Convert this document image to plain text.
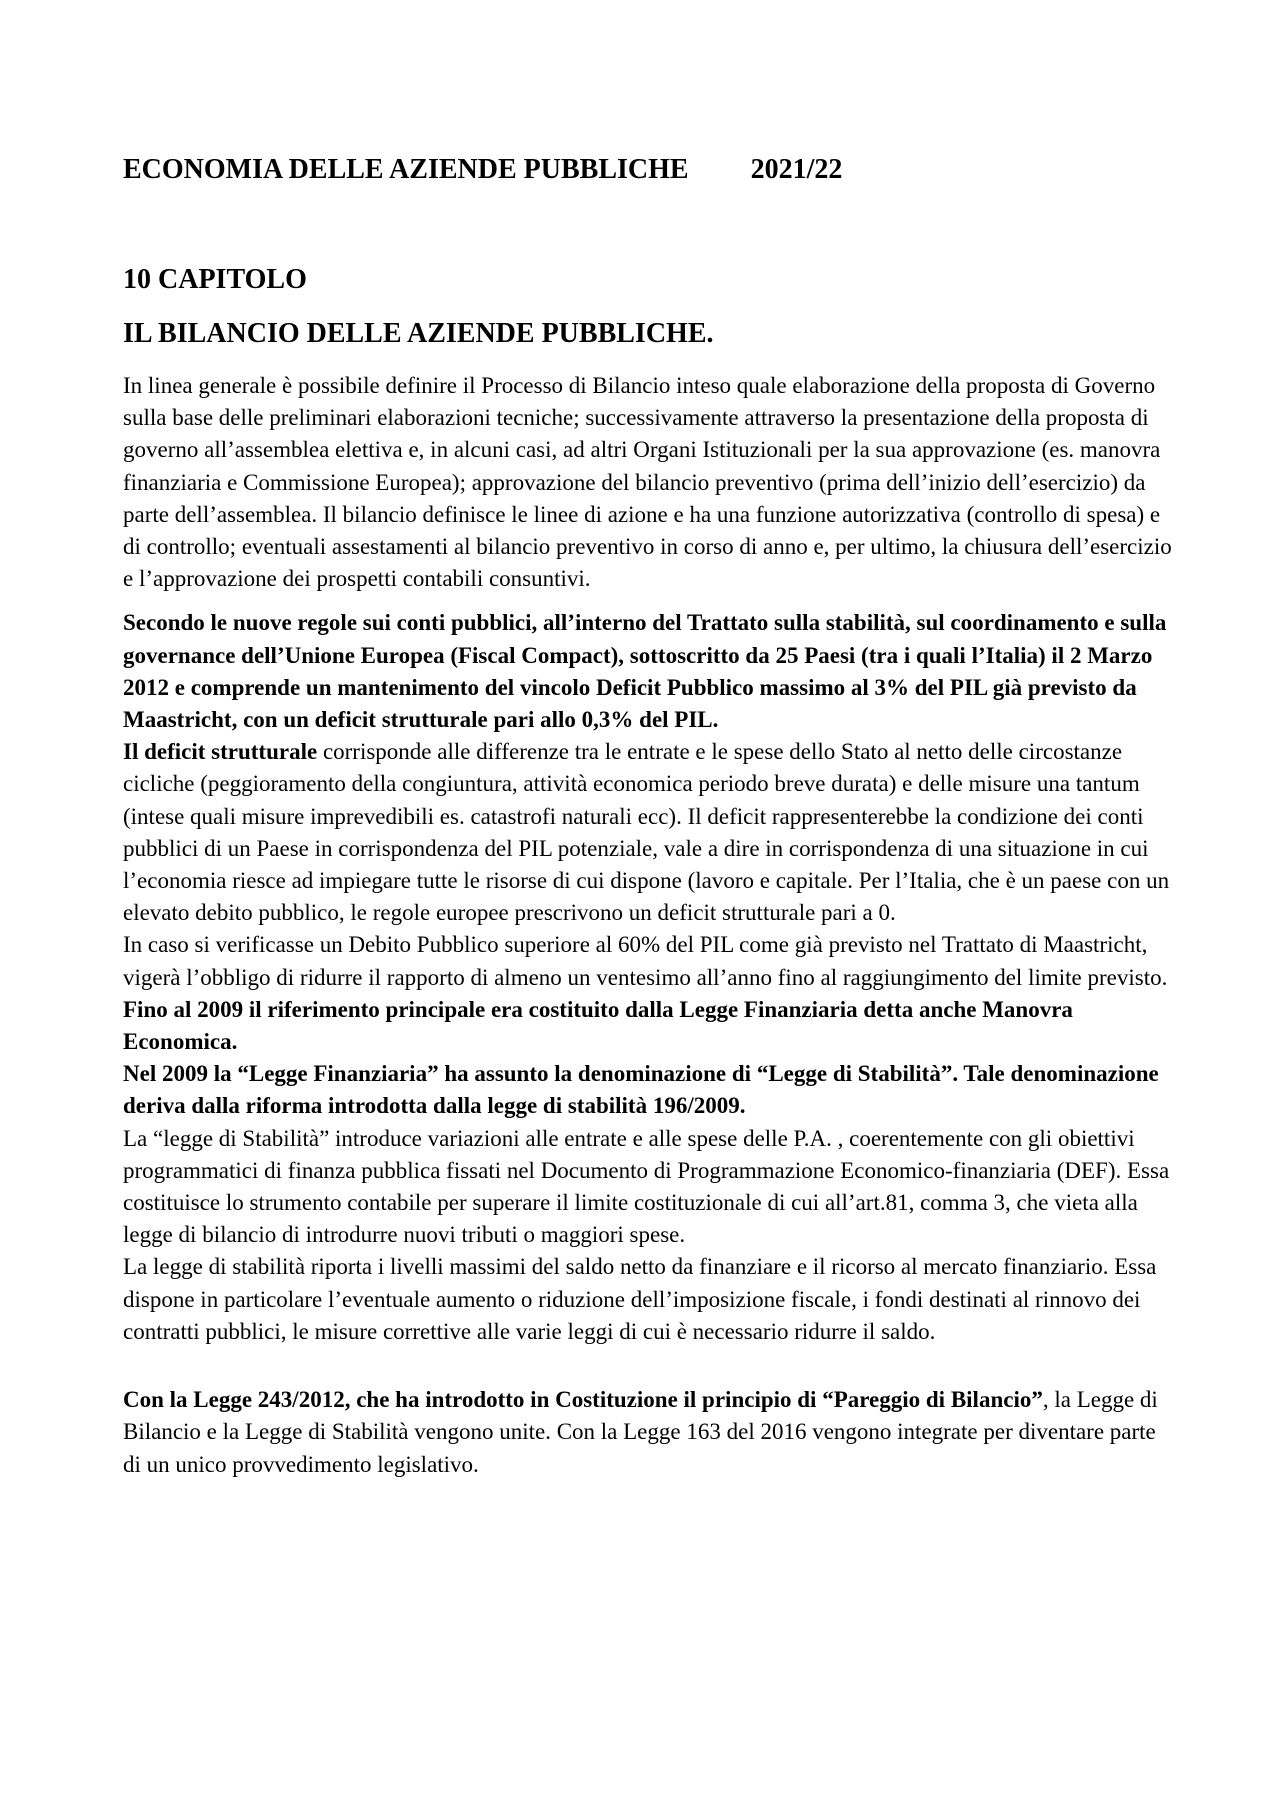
ECONOMIA DELLE AZIENDE PUBBLICHE 2021/22
10 CAPITOLO
IL BILANCIO DELLE AZIENDE PUBBLICHE.

In linea generale è possibile definire il Processo di Bilancio inteso quale elaborazione della proposta di Governo sulla base delle preliminari elaborazioni tecniche; successivamente attraverso la presentazione della proposta di governo all’assemblea elettiva e, in alcuni casi, ad altri Organi Istituzionali per la sua approvazione (es. manovra finanziaria e Commissione Europea); approvazione del bilancio preventivo (prima dell’inizio dell’esercizio) da parte dell’assemblea. Il bilancio definisce le linee di azione e ha una funzione autorizzativa (controllo di spesa) e di controllo; eventuali assestamenti al bilancio preventivo in corso di anno e, per ultimo, la chiusura dell’esercizio e l’approvazione dei prospetti contabili consuntivi.

Secondo le nuove regole sui conti pubblici, all’interno del Trattato sulla stabilità, sul coordinamento e sulla governance dell’Unione Europea (Fiscal Compact), sottoscritto da 25 Paesi (tra i quali l’Italia) il 2 Marzo 2012 e comprende un mantenimento del vincolo Deficit Pubblico massimo al 3% del PIL già previsto da Maastricht, con un deficit strutturale pari allo 0,3% del PIL.

Il deficit strutturale corrisponde alle differenze tra le entrate e le spese dello Stato al netto delle circostanze cicliche (peggioramento della congiuntura, attività economica periodo breve durata) e delle misure una tantum (intese quali misure imprevedibili es. catastrofi naturali ecc). Il deficit rappresenterebbe la condizione dei conti pubblici di un Paese in corrispondenza del PIL potenziale, vale a dire in corrispondenza di una situazione in cui l’economia riesce ad impiegare tutte le risorse di cui dispone (lavoro e capitale. Per l’Italia, che è un paese con un elevato debito pubblico, le regole europee prescrivono un deficit strutturale pari a 0.

In caso si verificasse un Debito Pubblico superiore al 60% del PIL come già previsto nel Trattato di Maastricht, vigerà l’obbligo di ridurre il rapporto di almeno un ventesimo all’anno fino al raggiungimento del limite previsto.

Fino al 2009 il riferimento principale era costituito dalla Legge Finanziaria detta anche Manovra Economica.

Nel 2009 la “Legge Finanziaria” ha assunto la denominazione di “Legge di Stabilità”. Tale denominazione deriva dalla riforma introdotta dalla legge di stabilità 196/2009.

La “legge di Stabilità” introduce variazioni alle entrate e alle spese delle P.A. , coerentemente con gli obiettivi programmatici di finanza pubblica fissati nel Documento di Programmazione Economico-finanziaria (DEF). Essa costituisce lo strumento contabile per superare il limite costituzionale di cui all’art.81, comma 3, che vieta alla legge di bilancio di introdurre nuovi tributi o maggiori spese.

La legge di stabilità riporta i livelli massimi del saldo netto da finanziare e il ricorso al mercato finanziario. Essa dispone in particolare l’eventuale aumento o riduzione dell’imposizione fiscale, i fondi destinati al rinnovo dei contratti pubblici, le misure correttive alle varie leggi di cui è necessario ridurre il saldo.

Con la Legge 243/2012, che ha introdotto in Costituzione il principio di “Pareggio di Bilancio”, la Legge di Bilancio e la Legge di Stabilità vengono unite. Con la Legge 163 del 2016 vengono integrate per diventare parte di un unico provvedimento legislativo.
